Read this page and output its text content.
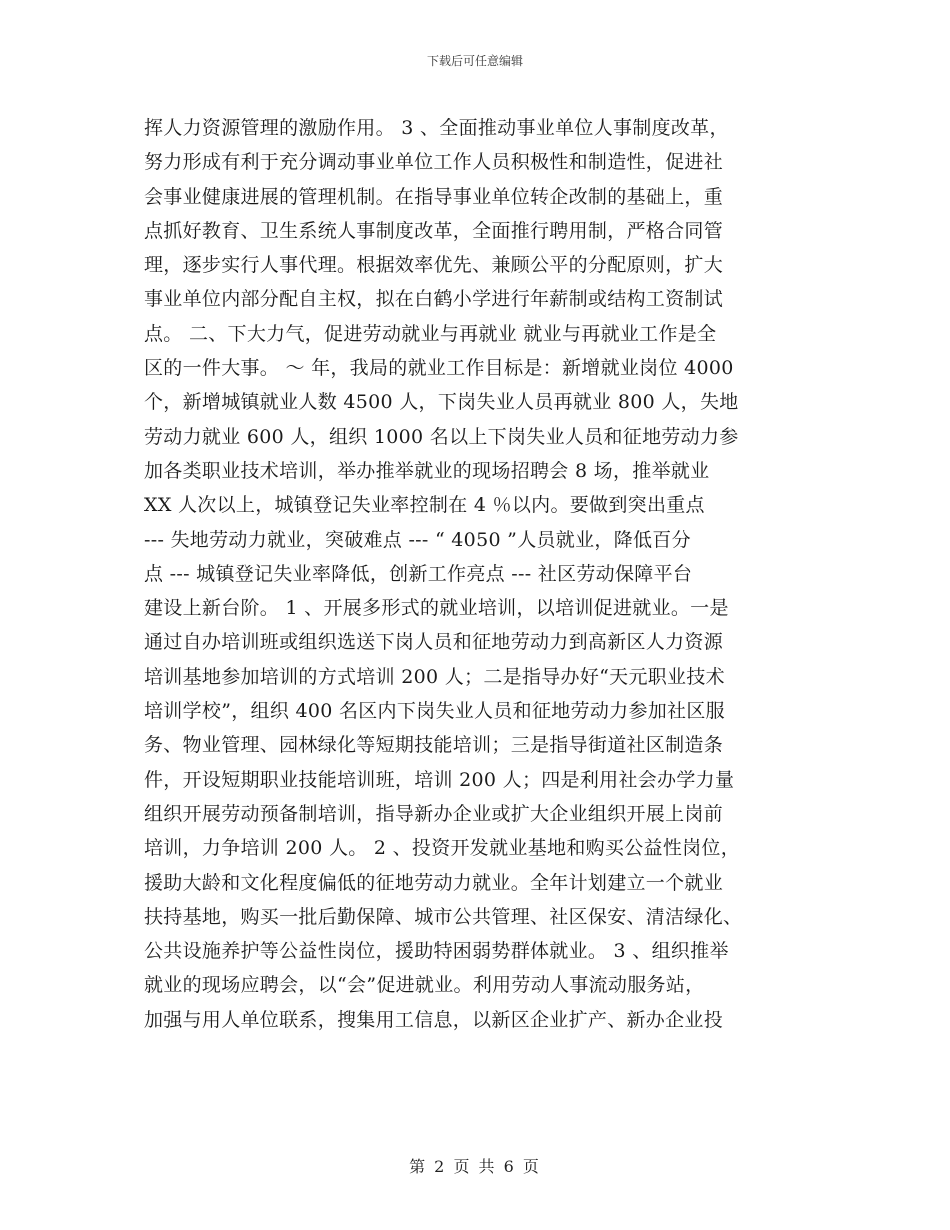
下载后可任意编辑
挥人力资源管理的激励作用。 3 、全面推动事业单位人事制度改革，
努力形成有利于充分调动事业单位工作人员积极性和制造性，促进社
会事业健康进展的管理机制。在指导事业单位转企改制的基础上，重
点抓好教育、卫生系统人事制度改革，全面推行聘用制，严格合同管
理，逐步实行人事代理。根据效率优先、兼顾公平的分配原则，扩大
事业单位内部分配自主权，拟在白鹤小学进行年薪制或结构工资制试
点。 二、下大力气，促进劳动就业与再就业 就业与再就业工作是全
区的一件大事。 ～ 年，我局的就业工作目标是：新增就业岗位 4000
个，新增城镇就业人数 4500 人，下岗失业人员再就业 800 人，失地
劳动力就业 600 人，组织 1000 名以上下岗失业人员和征地劳动力参
加各类职业技术培训，举办推举就业的现场招聘会 8 场，推举就业
XX 人次以上，城镇登记失业率控制在 4 ％以内。要做到突出重点
--- 失地劳动力就业，突破难点 --- “ 4050 ”人员就业，降低百分
点 --- 城镇登记失业率降低，创新工作亮点 --- 社区劳动保障平台
建设上新台阶。 1 、开展多形式的就业培训，以培训促进就业。一是
通过自办培训班或组织选送下岗人员和征地劳动力到高新区人力资源
培训基地参加培训的方式培训 200 人；二是指导办好“天元职业技术
培训学校”，组织 400 名区内下岗失业人员和征地劳动力参加社区服
务、物业管理、园林绿化等短期技能培训；三是指导街道社区制造条
件，开设短期职业技能培训班，培训 200 人；四是利用社会办学力量
组织开展劳动预备制培训，指导新办企业或扩大企业组织开展上岗前
培训，力争培训 200 人。 2 、投资开发就业基地和购买公益性岗位，
援助大龄和文化程度偏低的征地劳动力就业。全年计划建立一个就业
扶持基地，购买一批后勤保障、城市公共管理、社区保安、清洁绿化、
公共设施养护等公益性岗位，援助特困弱势群体就业。 3 、组织推举
就业的现场应聘会，以“会”促进就业。利用劳动人事流动服务站，
加强与用人单位联系，搜集用工信息，以新区企业扩产、新办企业投
第 2 页 共 6 页
